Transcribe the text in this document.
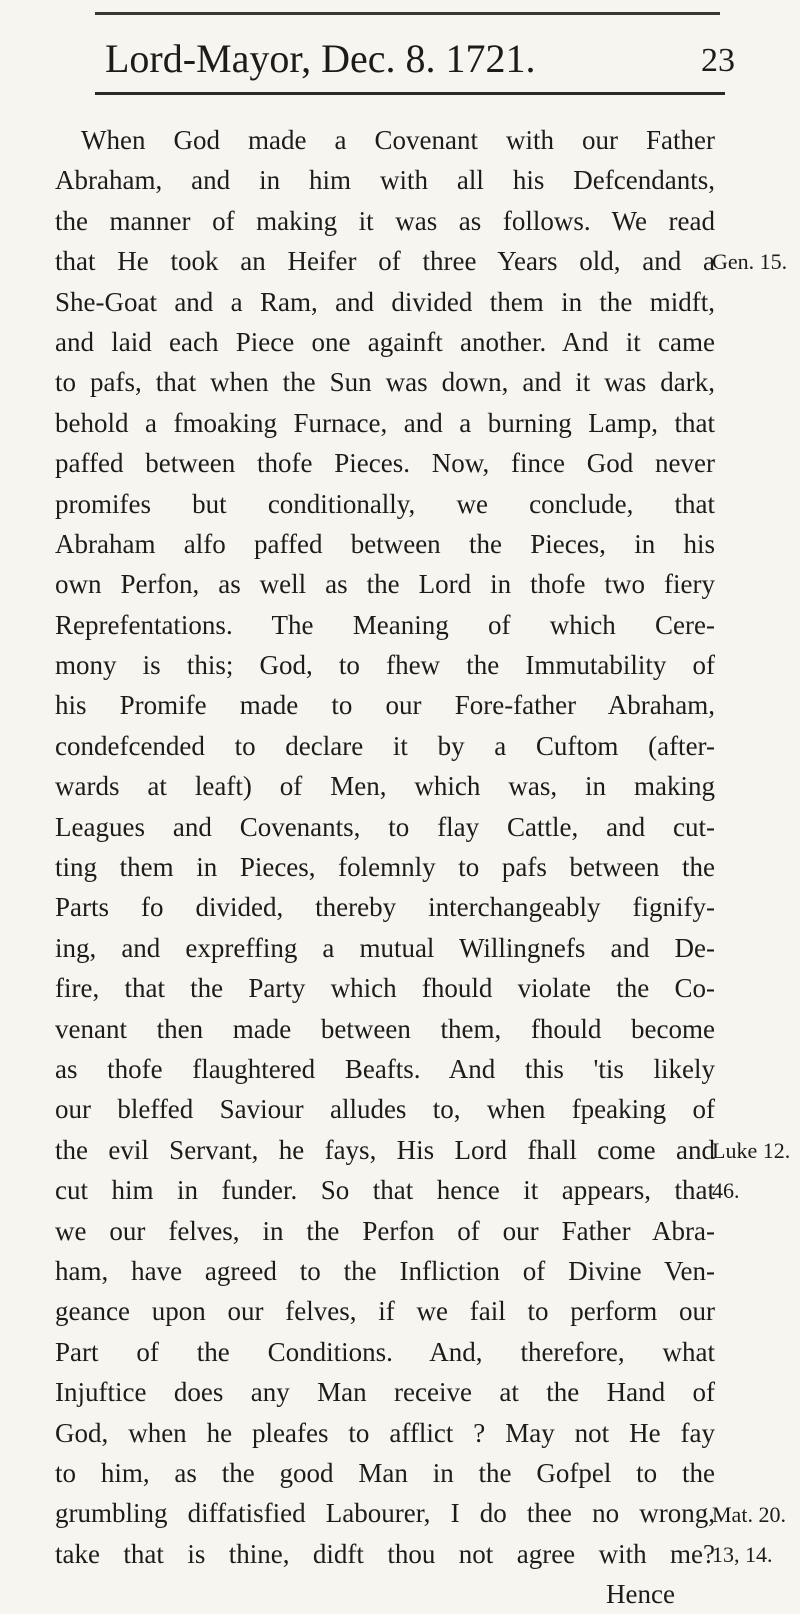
Lord-Mayor, Dec. 8. 1721.	23
When God made a Covenant with our Father
Abraham, and in him with all his Defcendants,
the manner of making it was as follows. We read
that He took an Heifer of three Years old, and a
She-Goat and a Ram, and divided them in the midft,
and laid each Piece one againft another. And it came
to pafs, that when the Sun was down, and it was dark,
behold a fmoaking Furnace, and a burning Lamp, that
paffed between thofe Pieces. Now, fince God never
promifes but conditionally, we conclude, that
Abraham alfo paffed between the Pieces, in his
own Perfon, as well as the Lord in thofe two fiery
Reprefentations. The Meaning of which Cere-
mony is this; God, to fhew the Immutability of
his Promife made to our Fore-father Abraham,
condefcended to declare it by a Cuftom (after-
wards at leaft) of Men, which was, in making
Leagues and Covenants, to flay Cattle, and cut-
ting them in Pieces, folemnly to pafs between the
Parts fo divided, thereby interchangeably fignify-
ing, and expreffing a mutual Willingnefs and De-
fire, that the Party which fhould violate the Co-
venant then made between them, fhould become
as thofe flaughtered Beafts. And this 'tis likely
our bleffed Saviour alludes to, when fpeaking of
the evil Servant, he fays, His Lord fhall come and
cut him in funder. So that hence it appears, that
we our felves, in the Perfon of our Father Abra-
ham, have agreed to the Infliction of Divine Ven-
geance upon our felves, if we fail to perform our
Part of the Conditions. And, therefore, what
Injuftice does any Man receive at the Hand of
God, when he pleafes to afflict ? May not He fay
to him, as the good Man in the Gofpel to the
grumbling diffatisfied Labourer, I do thee no wrong,
take that is thine, didft thou not agree with me?
Hence
Gen. 15.
Luke 12.
46.
Mat. 20.
13, 14.
